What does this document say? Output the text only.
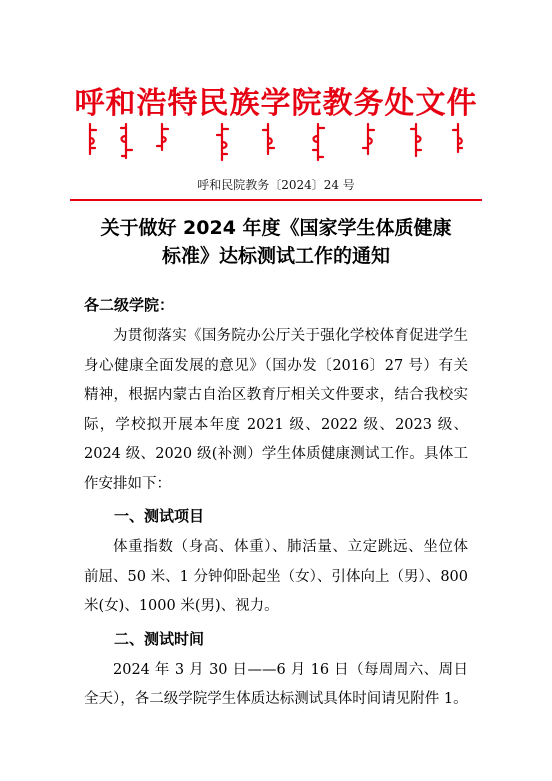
呼和浩特民族学院教务处文件
呼和民院教务〔2024〕24 号
关于做好 2024 年度《国家学生体质健康
标准》达标测试工作的通知
各二级学院：
为贯彻落实《国务院办公厅关于强化学校体育促进学生身心健康全面发展的意见》（国办发〔2016〕27 号）有关精神，根据内蒙古自治区教育厅相关文件要求，结合我校实际，学校拟开展本年度 2021 级、2022 级、2023 级、2024 级、2020 级(补测）学生体质健康测试工作。具体工作安排如下：
一、测试项目
体重指数（身高、体重）、肺活量、立定跳远、坐位体前屈、50 米、1 分钟仰卧起坐（女）、引体向上（男）、800 米(女)、1000 米(男)、视力。
二、测试时间
2024 年 3 月 30 日——6 月 16 日（每周周六、周日全天），各二级学院学生体质达标测试具体时间请见附件 1。
